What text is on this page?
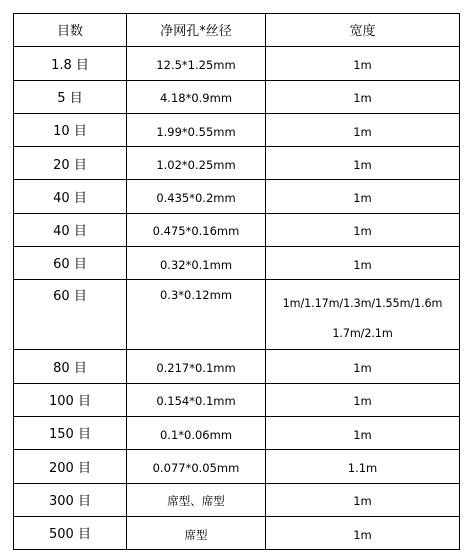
目数	净网孔*丝径	宽度
1.8 目	12.5*1.25mm	1m
5 目	4.18*0.9mm	1m
10 目	1.99*0.55mm	1m
20 目	1.02*0.25mm	1m
40 目	0.435*0.2mm	1m
40 目	0.475*0.16mm	1m
60 目	0.32*0.1mm	1m
60 目	0.3*0.12mm	1m/1.17m/1.3m/1.55m/1.6m 1.7m/2.1m
80 目	0.217*0.1mm	1m
100 目	0.154*0.1mm	1m
150 目	0.1*0.06mm	1m
200 目	0.077*0.05mm	1.1m
300 目	席型、席型	1m
500 目	席型	1m
